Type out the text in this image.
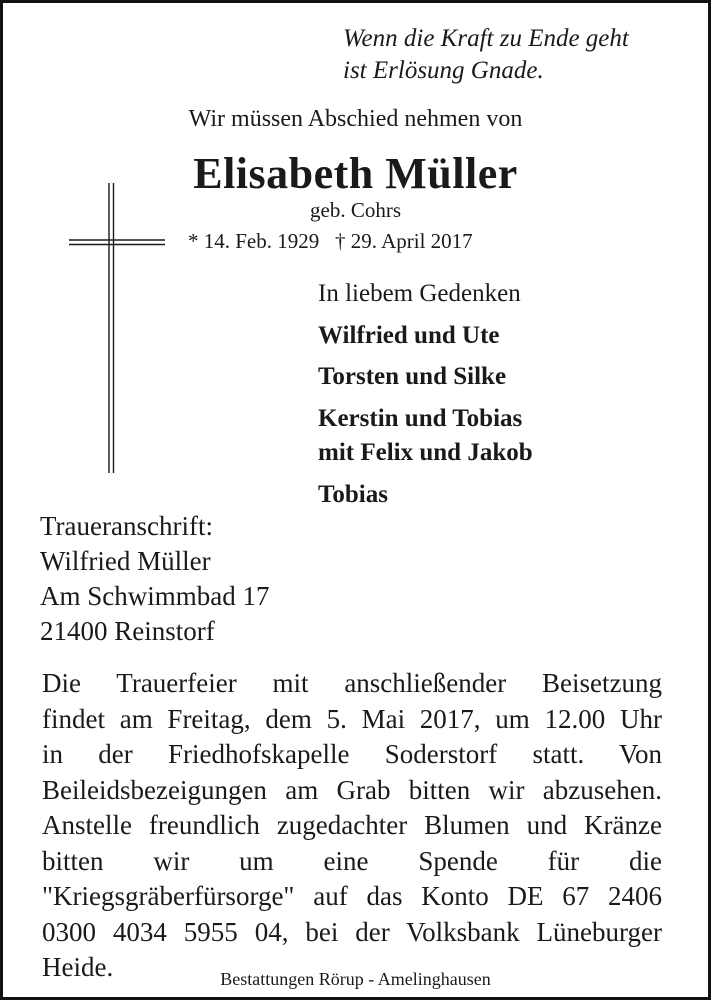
Wenn die Kraft zu Ende geht
ist Erlösung Gnade.
Wir müssen Abschied nehmen von
Elisabeth Müller
geb. Cohrs
* 14. Feb. 1929   † 29. April 2017
In liebem Gedenken
Wilfried und Ute
Torsten und Silke
Kerstin und Tobias
mit Felix und Jakob
Tobias
Traueranschrift:
Wilfried Müller
Am Schwimmbad 17
21400 Reinstorf
Die Trauerfeier mit anschließender Beisetzung
findet am Freitag, dem 5. Mai 2017, um 12.00 Uhr
in der Friedhofskapelle Soderstorf statt. Von
Beileidsbezeigungen am Grab bitten wir abzusehen.
Anstelle freundlich zugedachter Blumen und Kränze
bitten wir um eine Spende für die
"Kriegsgräberfürsorge" auf das Konto DE 67 2406
0300 4034 5955 04, bei der Volksbank Lüneburger
Heide.	Bestattungen Rörup - Amelinghausen
